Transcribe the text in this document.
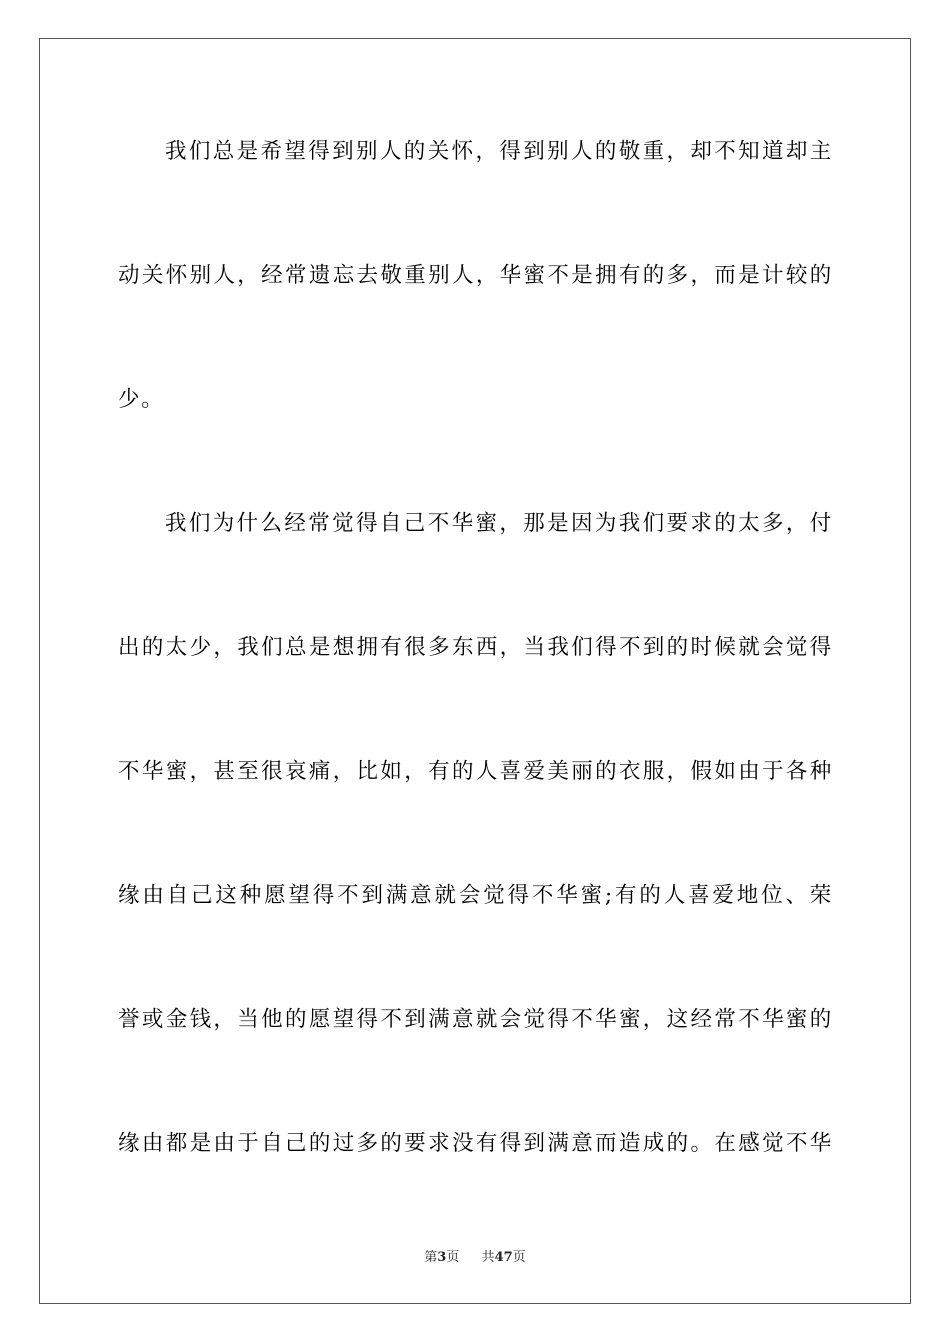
我们总是希望得到别人的关怀，得到别人的敬重，却不知道却主
动关怀别人，经常遗忘去敬重别人，华蜜不是拥有的多，而是计较的
少。
我们为什么经常觉得自己不华蜜，那是因为我们要求的太多，付
出的太少，我们总是想拥有很多东西，当我们得不到的时候就会觉得
不华蜜，甚至很哀痛，比如，有的人喜爱美丽的衣服，假如由于各种
缘由自己这种愿望得不到满意就会觉得不华蜜;有的人喜爱地位、荣
誉或金钱，当他的愿望得不到满意就会觉得不华蜜，这经常不华蜜的
缘由都是由于自己的过多的要求没有得到满意而造成的。在感觉不华
第3页 共47页
